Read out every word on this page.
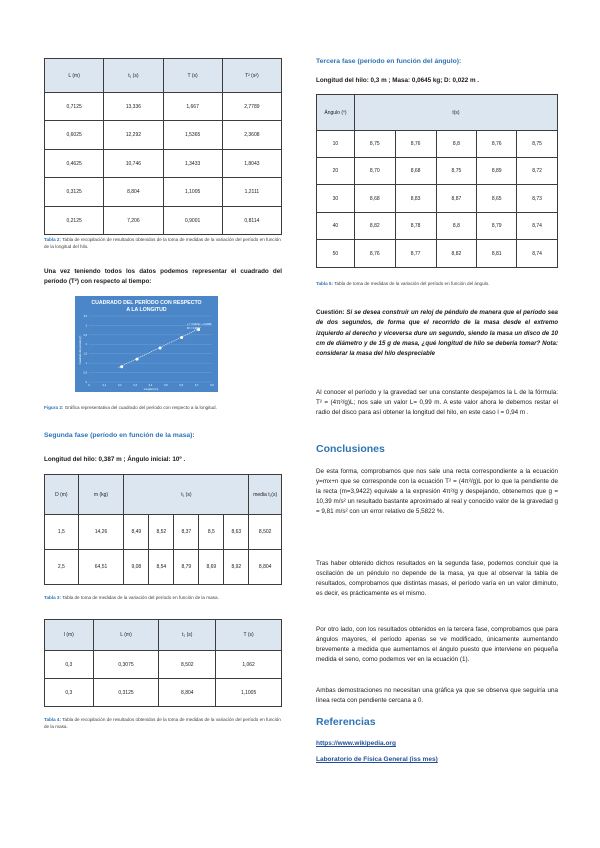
L (m)	t₁ (s)	T (s)	T² (s²)
0,7125	13,336	1,667	2,7789
0,6025	12,292	1,5365	2,3608
0,4625	10,746	1,3433	1,8043
0,3125	8,804	1,1005	1,2111
0,2125	7,206	0,9001	0,8114
Tabla 2: Tabla de recopilación de resultados obtenidos de la toma de medidas de la variación del período en función de la longitud del hilo.
Una vez teniendo todos los datos podemos representar el cuadrado del período (T²) con respecto al tiempo:
CUADRADO DEL PERÍODO CON RESPECTO
A LA LONGITUD
Longitud (m)
Cuadrado del período (s²)
0
0,5
1
1,5
2
2,5
3
3,5
0	0,1	0,2	0,3	0,4	0,5	0,6	0,7	0,8
y = 3,9422x + 0,0093
R² = 0,9997
Figura 2: Gráfica representativa del cuadrado del período con respecto a la longitud.
Segunda fase (período en función de la masa):
Longitud del hilo: 0,387 m ; Ángulo inicial: 10º .
D (m)	m (kg)	t₁ (s)					media t₁(s)
1,5	14,26	8,49	8,52	8,37	8,5	8,63	8,502
2,5	64,51	9,08	8,54	8,79	8,69	8,92	8,804
Tabla 3: Tabla de toma de medidas de la variación del período en función de la masa.
l (m)	L (m)	t₁ (s)	T (s)
0,3	0,3075	8,502	1,062
0,3	0,3125	8,804	1,1005
Tabla 4: Tabla de recopilación de resultados obtenidos de la toma de medidas de la variación del período en función de la masa.
Tercera fase (período en función del ángulo):
Longitud del hilo: 0,3 m ; Masa: 0,0645 kg; D: 0,022 m .
Ángulo (º)	t(s)				
10	8,75	8,76	8,8	8,76	8,75
20	8,70	8,68	8,75	8,89	8,72
30	8,68	8,83	8,87	8,65	8,73
40	8,82	8,78	8,8	8,79	8,74
50	8,76	8,77	8,82	8,81	8,74
Tabla 5: Tabla de toma de medidas de la variación del período en función del ángulo.
Cuestión: Si se desea construir un reloj de péndulo de manera que el período sea de dos segundos, de forma que el recorrido de la masa desde el extremo izquierdo al derecho y viceversa dure un segundo, siendo la masa un disco de 10 cm de diámetro y de 15 g de masa, ¿qué longitud de hilo se debería tomar? Nota: considerar la masa del hilo despreciable
Al conocer el período y la gravedad ser una constante despejamos la L de la fórmula: T² = (4π²/g)L; nos sale un valor L= 0,99 m. A este valor ahora le debemos restar el radio del disco para así obtener la longitud del hilo, en este caso l = 0,94 m .
Conclusiones
De esta forma, comprobamos que nos sale una recta correspondiente a la ecuación y=mx+n que se corresponde con la ecuación T² = (4π²/g)L por lo que la pendiente de la recta (m=3,9422) equivale a la expresión 4π²/g y despejando, obtenemos que g = 10,39 m/s² un resultado bastante aproximado al real y conocido valor de la gravedad g = 9,81 m/s² con un error relativo de 5,5822 %.
Tras haber obtenido dichos resultados en la segunda fase, podemos concluir que la oscilación de un péndulo no depende de la masa, ya que al observar la tabla de resultados, comprobamos que distintas masas, el período varía en un valor diminuto, es decir, es prácticamente es el mismo.
Por otro lado, con los resultados obtenidos en la tercera fase, comprobamos que para ángulos mayores, el período apenas se ve modificado, únicamente aumentando brevemente a medida que aumentamos el ángulo puesto que interviene en pequeña medida el seno, como podemos ver en la ecuación (1).
Ambas demostraciones no necesitan una gráfica ya que se observa que seguiría una línea recta con pendiente cercana a 0.
Referencias
https://www.wikipedia.org
Laboratorio de Física General (iss mes)
